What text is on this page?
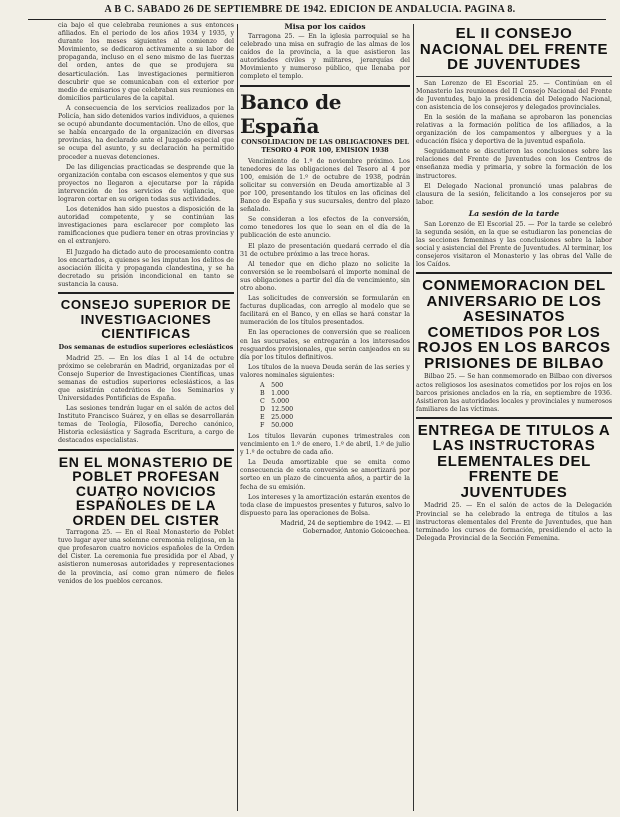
A B C. SABADO 26 DE SEPTIEMBRE DE 1942. EDICION DE ANDALUCIA. PAGINA 8.

cia bajo el que celebraba reuniones a sus entonces afiliados. En el periodo de los años 1934 y 1935, y durante los meses siguientes al comienzo del Movimiento, se dedicaron activamente a su labor de propaganda, incluso en el seno mismo de las fuerzas del orden, antes de que se produjera su desarticulación. Las investigaciones permitieron descubrir que se comunicaban con el exterior por medio de emisarios y que celebraban sus reuniones en domicilios particulares de la capital.

A consecuencia de los servicios realizados por la Policía, han sido detenidos varios individuos, a quienes se ocupó abundante documentación. Uno de ellos, que se había encargado de la organización en diversas provincias, ha declarado ante el Juzgado especial que se ocupa del asunto, y su declaración ha permitido proceder a nuevas detenciones.

De las diligencias practicadas se desprende que la organización contaba con escasos elementos y que sus proyectos no llegaron a ejecutarse por la rápida intervención de los servicios de vigilancia, que lograron cortar en su origen todas sus actividades.

Los detenidos han sido puestos a disposición de la autoridad competente, y se continúan las investigaciones para esclarecer por completo las ramificaciones que pudiera tener en otras provincias y en el extranjero.

El Juzgado ha dictado auto de procesamiento contra los encartados, a quienes se les imputan los delitos de asociación ilícita y propaganda clandestina, y se ha decretado su prisión incondicional en tanto se sustancia la causa.

CONSEJO SUPERIOR DE INVESTIGACIONES CIENTIFICAS
Dos semanas de estudios superiores eclesiásticos

Madrid 25. — En los días 1 al 14 de octubre próximo se celebrarán en Madrid, organizadas por el Consejo Superior de Investigaciones Científicas, unas semanas de estudios superiores eclesiásticos, a las que asistirán catedráticos de los Seminarios y Universidades Pontificias de España.

Las sesiones tendrán lugar en el salón de actos del Instituto Francisco Suárez, y en ellas se desarrollarán temas de Teología, Filosofía, Derecho canónico, Historia eclesiástica y Sagrada Escritura, a cargo de destacados especialistas.

EN EL MONASTERIO DE POBLET PROFESAN CUATRO NOVICIOS ESPAÑOLES DE LA ORDEN DEL CISTER

Tarragona 25. — En el Real Monasterio de Poblet tuvo lugar ayer una solemne ceremonia religiosa, en la que profesaron cuatro novicios españoles de la Orden del Cister. La ceremonia fue presidida por el Abad, y asistieron numerosas autoridades y representaciones de la provincia, así como gran número de fieles venidos de los pueblos cercanos.

Misa por los caídos

Tarragona 25. — En la iglesia parroquial se ha celebrado una misa en sufragio de las almas de los caídos de la provincia, a la que asistieron las autoridades civiles y militares, jerarquías del Movimiento y numeroso público, que llenaba por completo el templo.

Banco de España
CONSOLIDACION DE LAS OBLIGACIONES DEL TESORO 4 POR 100, EMISION 1938

Vencimiento de 1.º de noviembre próximo. Los tenedores de las obligaciones del Tesoro al 4 por 100, emisión de 1.º de octubre de 1938, podrán solicitar su conversión en Deuda amortizable al 3 por 100, presentando los títulos en las oficinas del Banco de España y sus sucursales, dentro del plazo señalado.

Se consideran a los efectos de la conversión, como tenedores los que lo sean en el día de la publicación de este anuncio.

El plazo de presentación quedará cerrado el día 31 de octubre próximo a las trece horas.

Al tenedor que en dicho plazo no solicite la conversión se le reembolsará el importe nominal de sus obligaciones a partir del día de vencimiento, sin otro abono.

Las solicitudes de conversión se formularán en facturas duplicadas, con arreglo al modelo que se facilitará en el Banco, y en ellas se hará constar la numeración de los títulos presentados.

En las operaciones de conversión que se realicen en las sucursales, se entregarán a los interesados resguardos provisionales, que serán canjeados en su día por los títulos definitivos.

Los títulos de la nueva Deuda serán de las series y valores nominales siguientes:

A	500
B	1.000
C	5.000
D	12.500
E	25.000
F	50.000

Los títulos llevarán cupones trimestrales con vencimiento en 1.º de enero, 1.º de abril, 1.º de julio y 1.º de octubre de cada año.

La Deuda amortizable que se emita como consecuencia de esta conversión se amortizará por sorteo en un plazo de cincuenta años, a partir de la fecha de su emisión.

Los intereses y la amortización estarán exentos de toda clase de impuestos presentes y futuros, salvo lo dispuesto para las operaciones de Bolsa.

Madrid, 24 de septiembre de 1942. — El Gobernador, Antonio Goicoechea.
EL II CONSEJO NACIONAL DEL FRENTE DE JUVENTUDES

San Lorenzo de El Escorial 25. — Continúan en el Monasterio las reuniones del II Consejo Nacional del Frente de Juventudes, bajo la presidencia del Delegado Nacional, con asistencia de los consejeros y delegados provinciales.

En la sesión de la mañana se aprobaron las ponencias relativas a la formación política de los afiliados, a la organización de los campamentos y albergues y a la educación física y deportiva de la juventud española.

Seguidamente se discutieron las conclusiones sobre las relaciones del Frente de Juventudes con los Centros de enseñanza media y primaria, y sobre la formación de los instructores.

El Delegado Nacional pronunció unas palabras de clausura de la sesión, felicitando a los consejeros por su labor.

La sesión de la tarde

San Lorenzo de El Escorial 25. — Por la tarde se celebró la segunda sesión, en la que se estudiaron las ponencias de las secciones femeninas y las conclusiones sobre la labor social y asistencial del Frente de Juventudes. Al terminar, los consejeros visitaron el Monasterio y las obras del Valle de los Caídos.

CONMEMORACION DEL ANIVERSARIO DE LOS ASESINATOS COMETIDOS POR LOS ROJOS EN LOS BARCOS PRISIONES DE BILBAO

Bilbao 25. — Se han conmemorado en Bilbao con diversos actos religiosos los asesinatos cometidos por los rojos en los barcos prisiones anclados en la ría, en septiembre de 1936. Asistieron las autoridades locales y provinciales y numerosos familiares de las víctimas.

ENTREGA DE TITULOS A LAS INSTRUCTORAS ELEMENTALES DEL FRENTE DE JUVENTUDES

Madrid 25. — En el salón de actos de la Delegación Provincial se ha celebrado la entrega de títulos a las instructoras elementales del Frente de Juventudes, que han terminado los cursos de formación, presidiendo el acto la Delegada Provincial de la Sección Femenina.
